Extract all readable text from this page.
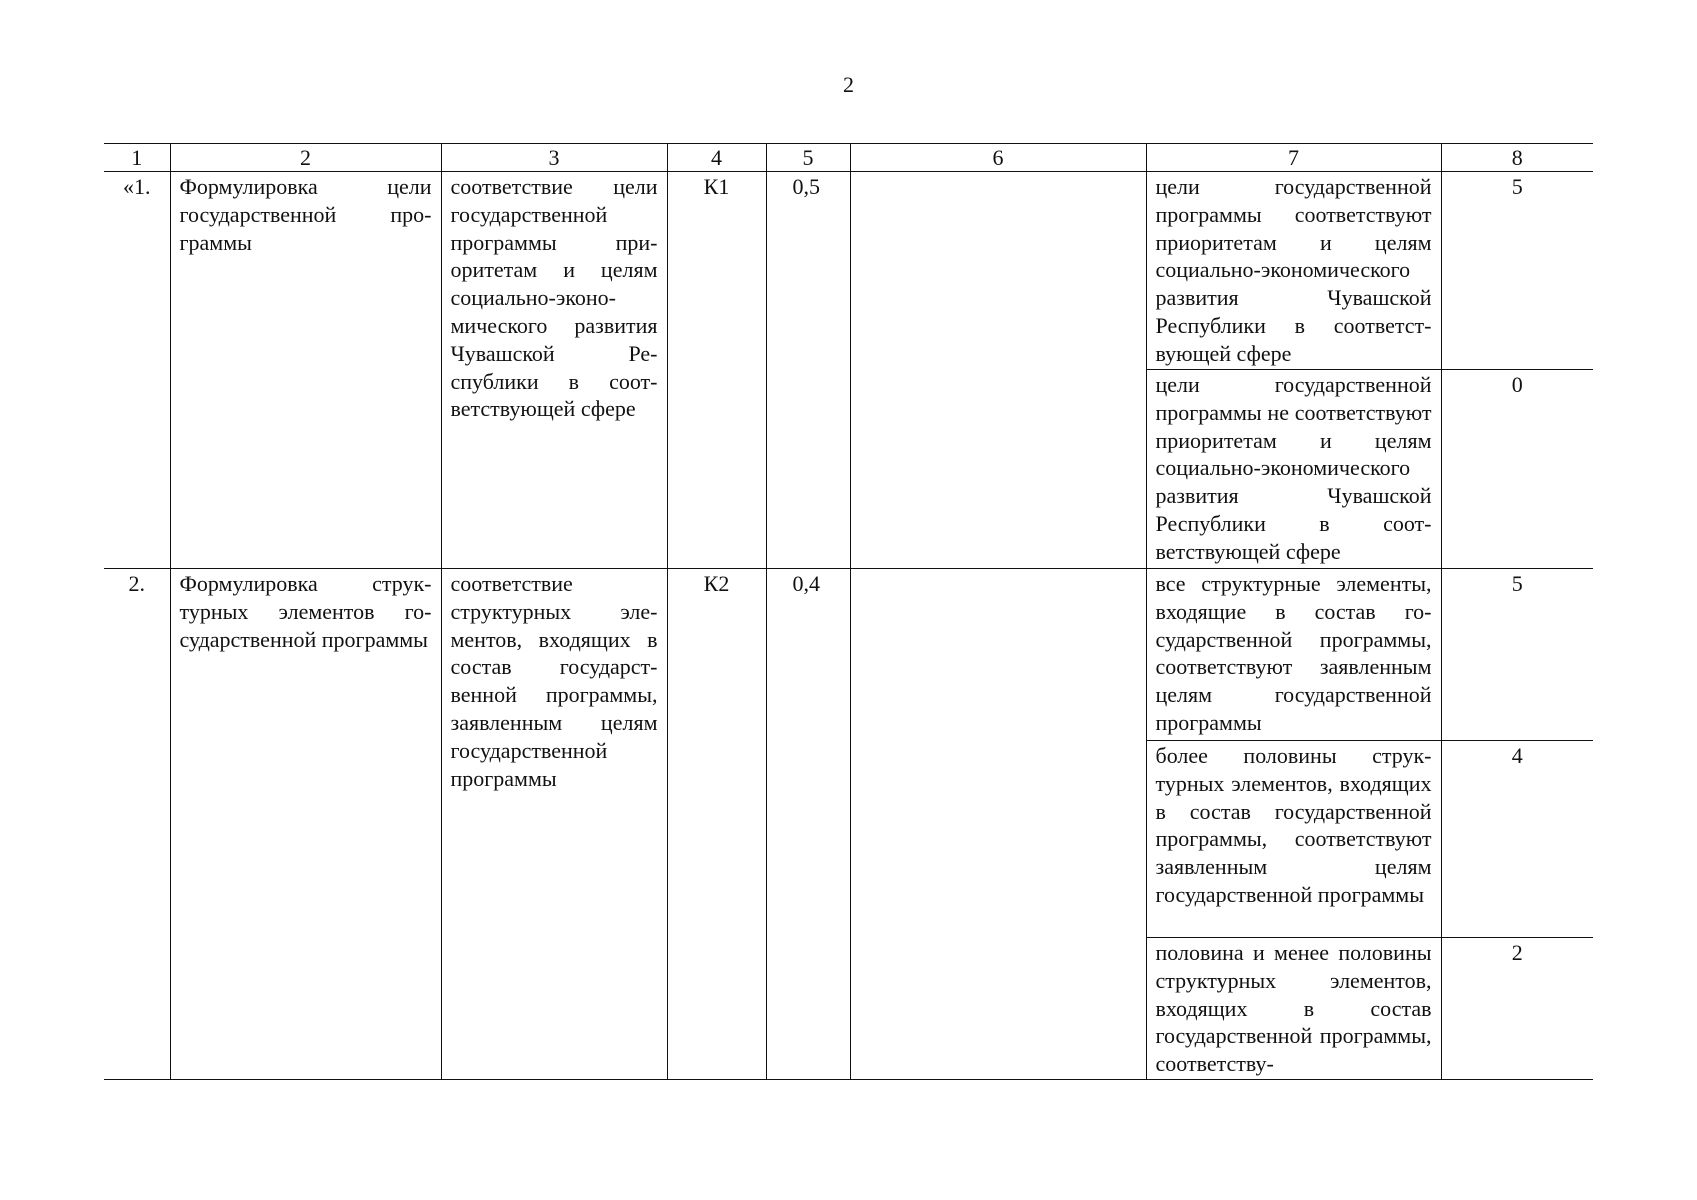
2
1	2	3	4	5	6	7	8
«1.	Формулировка цели государственной программы	соответствие цели государственной программы приоритетам и целям социально-экономического развития Чувашской Республики в соответствующей сфере	К1	0,5		цели государственной программы соответствуют приоритетам и целям социально-экономического развития Чувашской Республики в соответствующей сфере	5
						цели государственной программы не соответствуют приоритетам и целям социально-экономического развития Чувашской Республики в соответствующей сфере	0
2.	Формулировка структурных элементов государственной программы	соответствие структурных элементов, входящих в состав государственной программы, заявленным целям государственной программы	К2	0,4		все структурные элементы, входящие в состав государственной программы, соответствуют заявленным целям государственной программы	5
						более половины структурных элементов, входящих в состав государственной программы, соответствуют заявленным целям государственной программы	4
						половина и менее половины структурных элементов, входящих в состав государственной программы, соответству-	2
